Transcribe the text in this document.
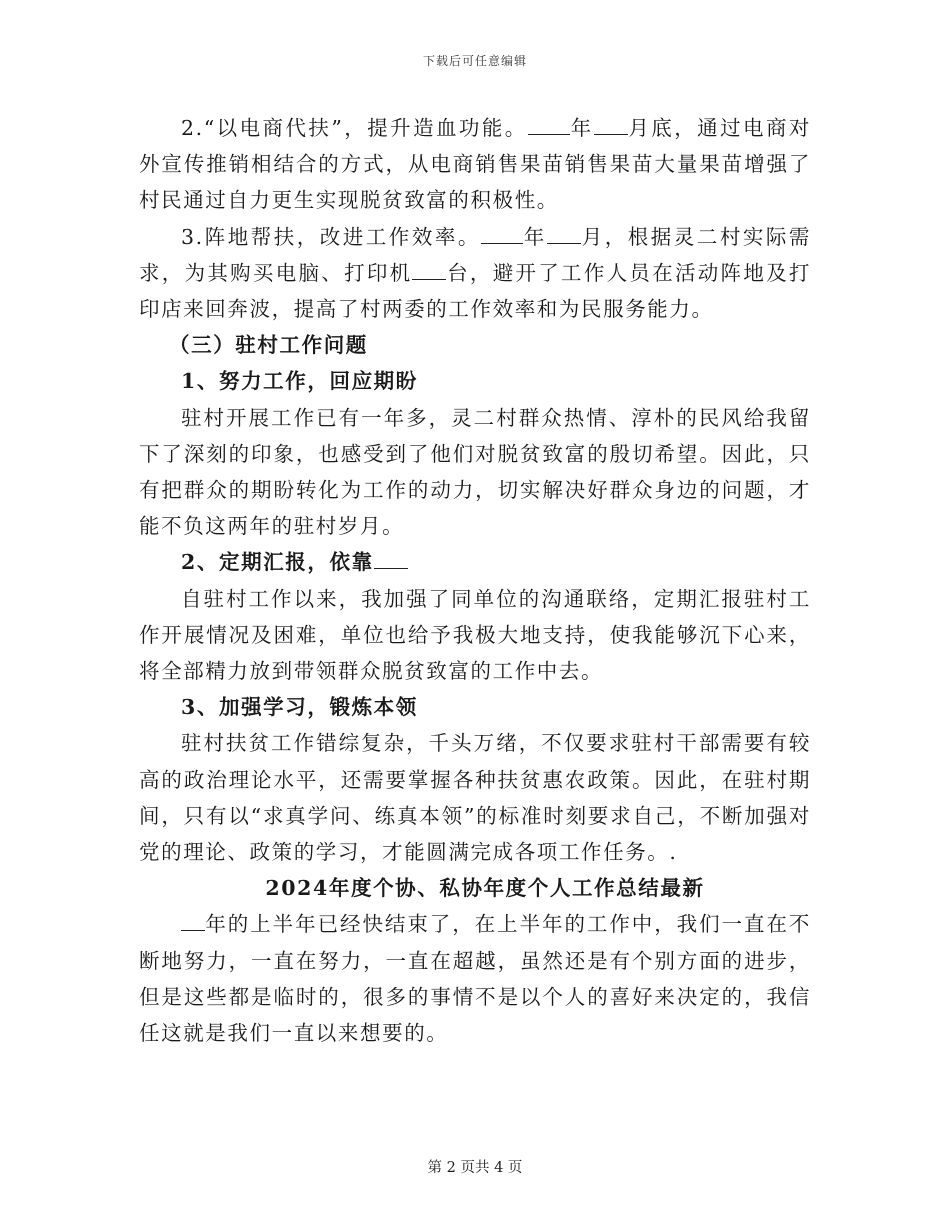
下载后可任意编辑

2.“以电商代扶”，提升造血功能。 年 月底，通过电商对外宣传推销相结合的方式，从电商销售果苗销售果苗大量果苗增强了村民通过自力更生实现脱贫致富的积极性。

3.阵地帮扶，改进工作效率。 年 月，根据灵二村实际需求，为其购买电脑、打印机 台，避开了工作人员在活动阵地及打印店来回奔波，提高了村两委的工作效率和为民服务能力。

（三）驻村工作问题
1、努力工作，回应期盼

驻村开展工作已有一年多，灵二村群众热情、淳朴的民风给我留下了深刻的印象，也感受到了他们对脱贫致富的殷切希望。因此，只有把群众的期盼转化为工作的动力，切实解决好群众身边的问题，才能不负这两年的驻村岁月。

2、定期汇报，依靠

自驻村工作以来，我加强了同单位的沟通联络，定期汇报驻村工作开展情况及困难，单位也给予我极大地支持，使我能够沉下心来，将全部精力放到带领群众脱贫致富的工作中去。

3、加强学习，锻炼本领

驻村扶贫工作错综复杂，千头万绪，不仅要求驻村干部需要有较高的政治理论水平，还需要掌握各种扶贫惠农政策。因此，在驻村期间，只有以“求真学问、练真本领”的标准时刻要求自己，不断加强对党的理论、政策的学习，才能圆满完成各项工作任务。.

2024年度个协、私协年度个人工作总结最新

年的上半年已经快结束了，在上半年的工作中，我们一直在不断地努力，一直在努力，一直在超越，虽然还是有个别方面的进步，但是这些都是临时的，很多的事情不是以个人的喜好来决定的，我信任这就是我们一直以来想要的。

第 2 页共 4 页
